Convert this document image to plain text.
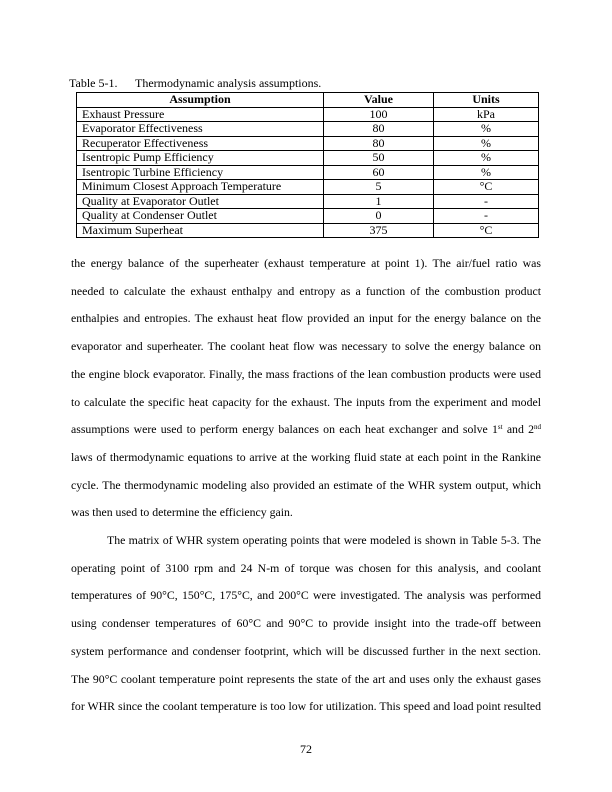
Table 5-1. Thermodynamic analysis assumptions.
Assumption	Value	Units
Exhaust Pressure	100	kPa
Evaporator Effectiveness	80	%
Recuperator Effectiveness	80	%
Isentropic Pump Efficiency	50	%
Isentropic Turbine Efficiency	60	%
Minimum Closest Approach Temperature	5	°C
Quality at Evaporator Outlet	1	-
Quality at Condenser Outlet	0	-
Maximum Superheat	375	°C
the energy balance of the superheater (exhaust temperature at point 1). The air/fuel ratio was
needed to calculate the exhaust enthalpy and entropy as a function of the combustion product
enthalpies and entropies. The exhaust heat flow provided an input for the energy balance on the
evaporator and superheater. The coolant heat flow was necessary to solve the energy balance on
the engine block evaporator. Finally, the mass fractions of the lean combustion products were used
to calculate the specific heat capacity for the exhaust. The inputs from the experiment and model
assumptions were used to perform energy balances on each heat exchanger and solve 1st and 2nd
laws of thermodynamic equations to arrive at the working fluid state at each point in the Rankine
cycle. The thermodynamic modeling also provided an estimate of the WHR system output, which
was then used to determine the efficiency gain.
The matrix of WHR system operating points that were modeled is shown in Table 5-3. The
operating point of 3100 rpm and 24 N-m of torque was chosen for this analysis, and coolant
temperatures of 90°C, 150°C, 175°C, and 200°C were investigated. The analysis was performed
using condenser temperatures of 60°C and 90°C to provide insight into the trade-off between
system performance and condenser footprint, which will be discussed further in the next section.
The 90°C coolant temperature point represents the state of the art and uses only the exhaust gases
for WHR since the coolant temperature is too low for utilization. This speed and load point resulted
72
